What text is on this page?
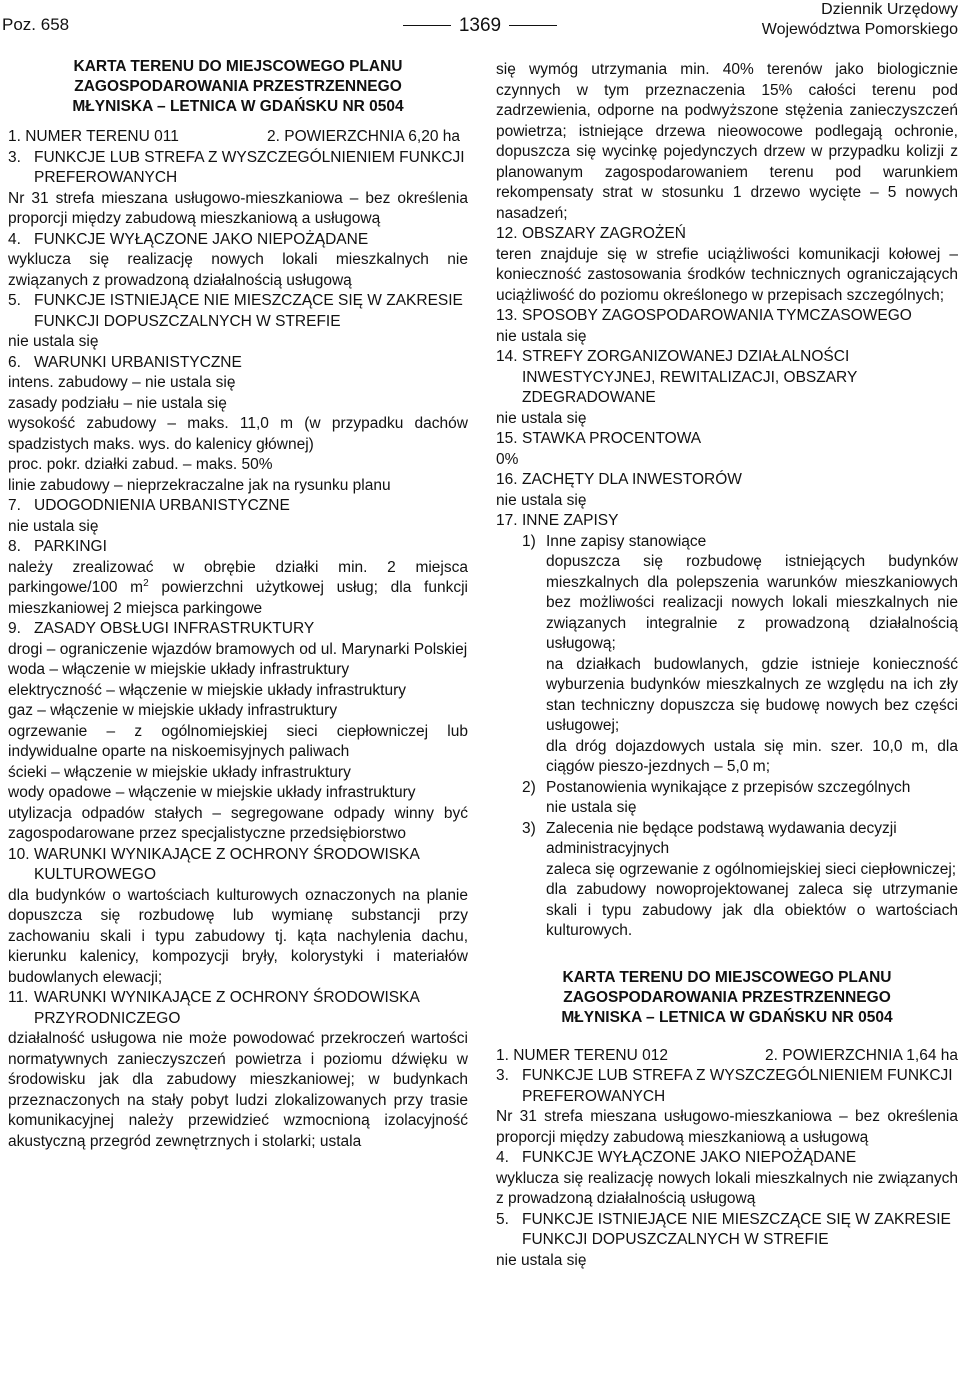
Poz. 658	1369
Dziennik Urzędowy
Województwa Pomorskiego
KARTA TERENU DO MIEJSCOWEGO PLANU
ZAGOSPODAROWANIA PRZESTRZENNEGO
MŁYNISKA – LETNICA W GDAŃSKU NR 0504
1. NUMER TERENU 011	2. POWIERZCHNIA 6,20 ha
3. FUNKCJE LUB STREFA Z WYSZCZEGÓLNIENIEM FUNKCJI PREFEROWANYCH
Nr 31 strefa mieszana usługowo-mieszkaniowa – bez określenia proporcji między zabudową mieszkaniową a usługową
4. FUNKCJE WYŁĄCZONE JAKO NIEPOŻĄDANE
wyklucza się realizację nowych lokali mieszkalnych nie związanych z prowadzoną działalnością usługową
5. FUNKCJE ISTNIEJĄCE NIE MIESZCZĄCE SIĘ W ZAKRESIE FUNKCJI DOPUSZCZALNYCH W STREFIE
nie ustala się
6. WARUNKI URBANISTYCZNE
intens. zabudowy – nie ustala się
zasady podziału – nie ustala się
wysokość zabudowy – maks. 11,0 m (w przypadku dachów spadzistych maks. wys. do kalenicy głównej)
proc. pokr. działki zabud. – maks. 50%
linie zabudowy – nieprzekraczalne jak na rysunku planu
7. UDOGODNIENIA URBANISTYCZNE
nie ustala się
8. PARKINGI
należy zrealizować w obrębie działki min. 2 miejsca parkingowe/100 $m^2$ powierzchni użytkowej usług; dla funkcji mieszkaniowej 2 miejsca parkingowe
9. ZASADY OBSŁUGI INFRASTRUKTURY
drogi – ograniczenie wjazdów bramowych od ul. Marynarki Polskiej
woda – włączenie w miejskie układy infrastruktury
elektryczność – włączenie w miejskie układy infrastruktury
gaz – włączenie w miejskie układy infrastruktury
ogrzewanie – z ogólnomiejskiej sieci ciepłowniczej lub indywidualne oparte na niskoemisyjnych paliwach
ścieki – włączenie w miejskie układy infrastruktury
wody opadowe – włączenie w miejskie układy infrastruktury
utylizacja odpadów stałych – segregowane odpady winny być zagospodarowane przez specjalistyczne przedsiębiorstwo
10. WARUNKI WYNIKAJĄCE Z OCHRONY ŚRODOWISKA KULTUROWEGO
dla budynków o wartościach kulturowych oznaczonych na planie dopuszcza się rozbudowę lub wymianę substancji przy zachowaniu skali i typu zabudowy tj. kąta nachylenia dachu, kierunku kalenicy, kompozycji bryły, kolorystyki i materiałów budowlanych elewacji;
11. WARUNKI WYNIKAJĄCE Z OCHRONY ŚRODOWISKA PRZYRODNICZEGO
działalność usługowa nie może powodować przekroczeń wartości normatywnych zanieczyszczeń powietrza i poziomu dźwięku w środowisku jak dla zabudowy mieszkaniowej; w budynkach przeznaczonych na stały pobyt ludzi zlokalizowanych przy trasie komunikacyjnej należy przewidzieć wzmocnioną izolacyjność akustyczną przegród zewnętrznych i stolarki; ustala
się wymóg utrzymania min. 40% terenów jako biologicznie czynnych w tym przeznaczenia 15% całości terenu pod zadrzewienia, odporne na podwyższone stężenia zanieczyszczeń powietrza; istniejące drzewa nieowocowe podlegają ochronie, dopuszcza się wycinkę pojedynczych drzew w przypadku kolizji z planowanym zagospodarowaniem terenu pod warunkiem rekompensaty strat w stosunku 1 drzewo wycięte – 5 nowych nasadzeń;
12. OBSZARY ZAGROŻEŃ
teren znajduje się w strefie uciążliwości komunikacji kołowej – konieczność zastosowania środków technicznych ograniczających uciążliwość do poziomu określonego w przepisach szczególnych;
13. SPOSOBY ZAGOSPODAROWANIA TYMCZASOWEGO
nie ustala się
14. STREFY ZORGANIZOWANEJ DZIAŁALNOŚCI INWESTYCYJNEJ, REWITALIZACJI, OBSZARY ZDEGRADOWANE
nie ustala się
15. STAWKA PROCENTOWA
0%
16. ZACHĘTY DLA INWESTORÓW
nie ustala się
17. INNE ZAPISY
1) Inne zapisy stanowiące
dopuszcza się rozbudowę istniejących budynków mieszkalnych dla polepszenia warunków mieszkaniowych bez możliwości realizacji nowych lokali mieszkalnych nie związanych integralnie z prowadzoną działalnością usługową;
na działkach budowlanych, gdzie istnieje konieczność wyburzenia budynków mieszkalnych ze względu na ich zły stan techniczny dopuszcza się budowę nowych bez części usługowej;
dla dróg dojazdowych ustala się min. szer. 10,0 m, dla ciągów pieszo-jezdnych – 5,0 m;
2) Postanowienia wynikające z przepisów szczególnych
nie ustala się
3) Zalecenia nie będące podstawą wydawania decyzji administracyjnych
zaleca się ogrzewanie z ogólnomiejskiej sieci ciepłowniczej;
dla zabudowy nowoprojektowanej zaleca się utrzymanie skali i typu zabudowy jak dla obiektów o wartościach kulturowych.
KARTA TERENU DO MIEJSCOWEGO PLANU
ZAGOSPODAROWANIA PRZESTRZENNEGO
MŁYNISKA – LETNICA W GDAŃSKU NR 0504
1. NUMER TERENU 012	2. POWIERZCHNIA 1,64 ha
3. FUNKCJE LUB STREFA Z WYSZCZEGÓLNIENIEM FUNKCJI PREFEROWANYCH
Nr 31 strefa mieszana usługowo-mieszkaniowa – bez określenia proporcji między zabudową mieszkaniową a usługową
4. FUNKCJE WYŁĄCZONE JAKO NIEPOŻĄDANE
wyklucza się realizację nowych lokali mieszkalnych nie związanych z prowadzoną działalnością usługową
5. FUNKCJE ISTNIEJĄCE NIE MIESZCZĄCE SIĘ W ZAKRESIE FUNKCJI DOPUSZCZALNYCH W STREFIE
nie ustala się
